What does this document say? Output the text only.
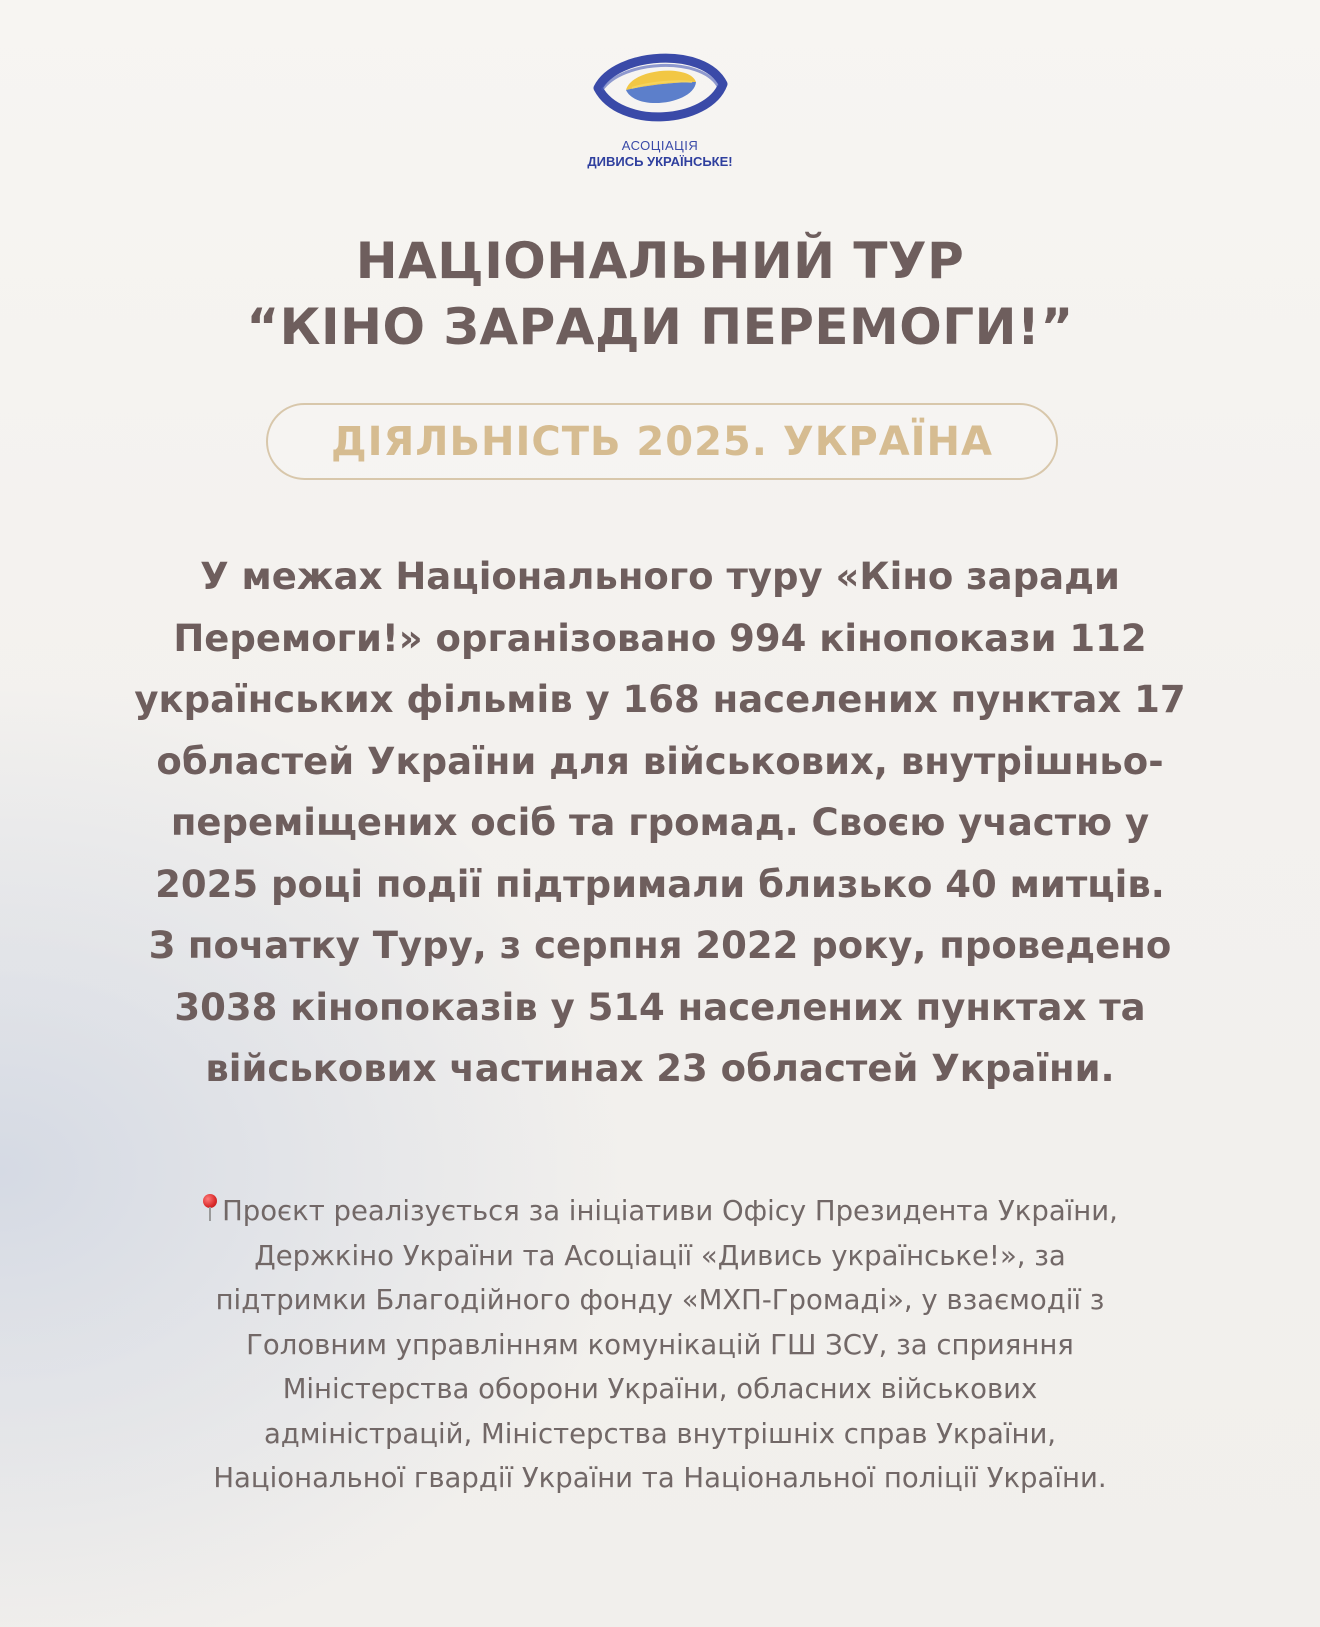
АСОЦІАЦІЯ
ДИВИСЬ УКРАЇНСЬКЕ!
НАЦІОНАЛЬНИЙ ТУР
“КІНО ЗАРАДИ ПЕРЕМОГИ!”
ДІЯЛЬНІСТЬ 2025. УКРАЇНА
У межах Національного туру «Кіно заради
Перемоги!» організовано 994 кінопокази 112
українських фільмів у 168 населених пунктах 17
областей України для військових, внутрішньо-
переміщених осіб та громад. Своєю участю у
2025 році події підтримали близько 40 митців.
З початку Туру, з серпня 2022 року, проведено
3038 кінопоказів у 514 населених пунктах та
військових частинах 23 областей України.
Проєкт реалізується за ініціативи Офісу Президента України,
Держкіно України та Асоціації «Дивись українське!», за
підтримки Благодійного фонду «МХП-Громаді», у взаємодії з
Головним управлінням комунікацій ГШ ЗСУ, за сприяння
Міністерства оборони України, обласних військових
адміністрацій, Міністерства внутрішніх справ України,
Національної гвардії України та Національної поліції України.
